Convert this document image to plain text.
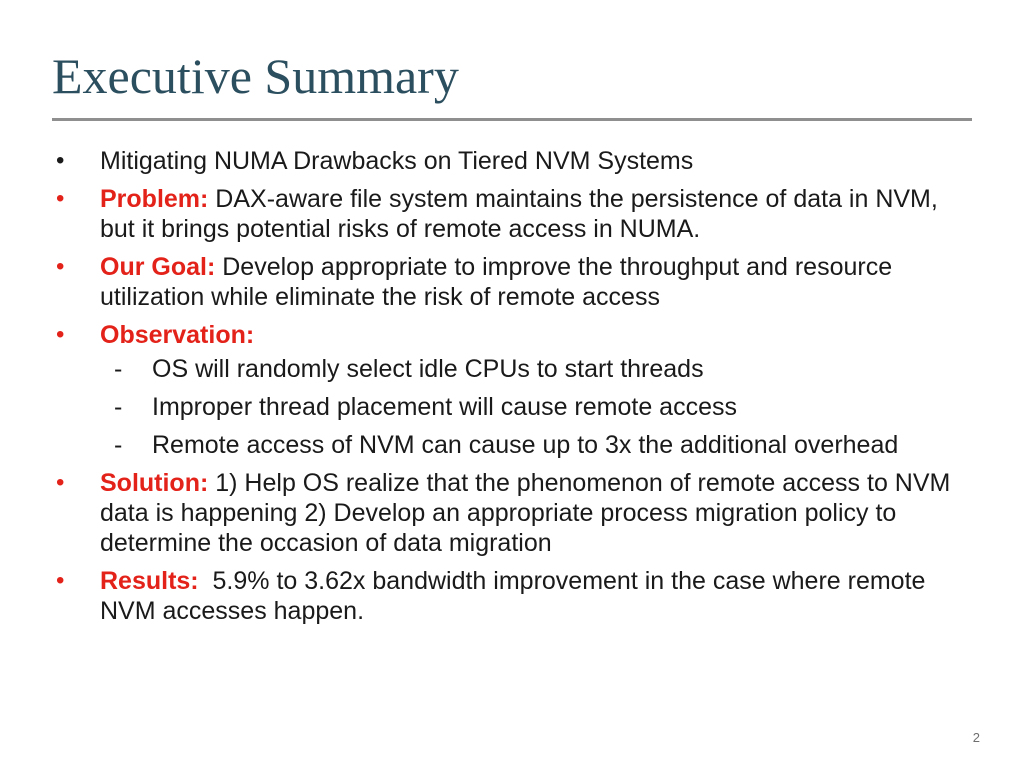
Executive Summary
•	Mitigating NUMA Drawbacks on Tiered NVM Systems
•	Problem: DAX-aware file system maintains the persistence of data in NVM, but it brings potential risks of remote access in NUMA.
•	Our Goal: Develop appropriate to improve the throughput and resource utilization while eliminate the risk of remote access
•	Observation:
- OS will randomly select idle CPUs to start threads
- Improper thread placement will cause remote access
- Remote access of NVM can cause up to 3x the additional overhead
•	Solution: 1) Help OS realize that the phenomenon of remote access to NVM data is happening 2) Develop an appropriate process migration policy to determine the occasion of data migration
•	Results:  5.9% to 3.62x bandwidth improvement in the case where remote NVM accesses happen.
2
